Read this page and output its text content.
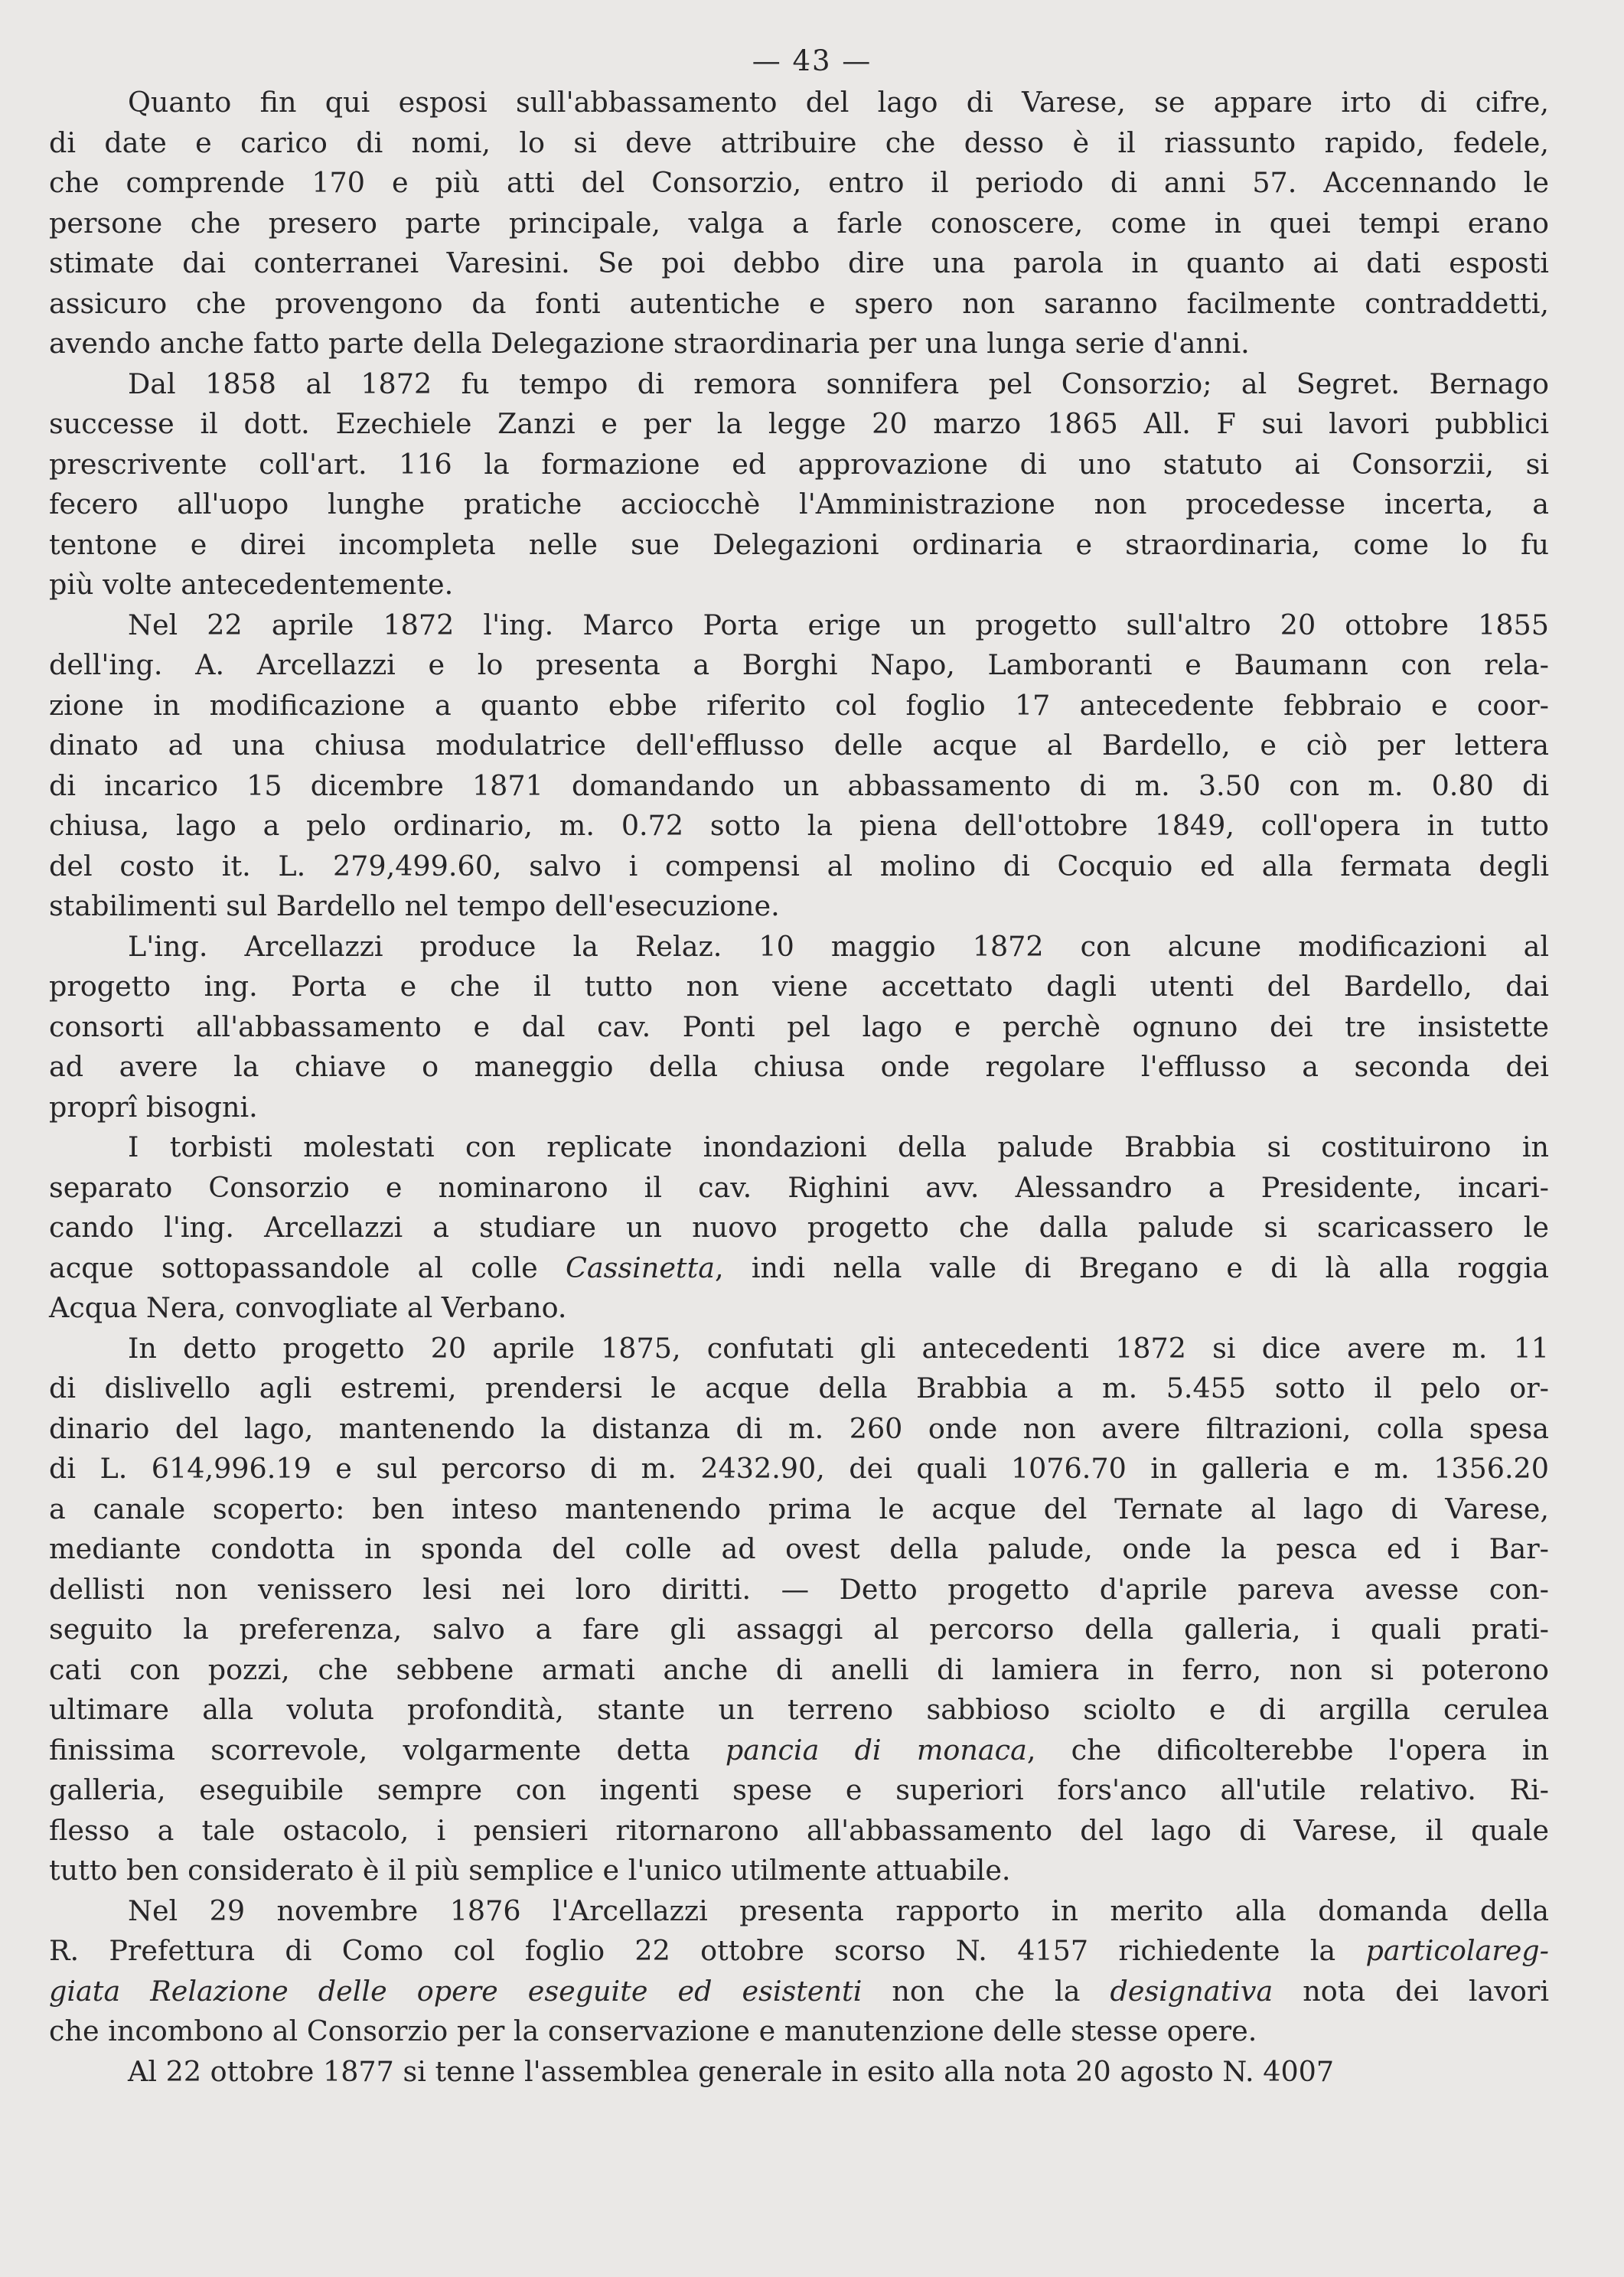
— 43 —
Quanto fin qui esposi sull'abbassamento del lago di Varese, se appare irto di cifre,
di date e carico di nomi, lo si deve attribuire che desso è il riassunto rapido, fedele,
che comprende 170 e più atti del Consorzio, entro il periodo di anni 57. Accennando le
persone che presero parte principale, valga a farle conoscere, come in quei tempi erano
stimate dai conterranei Varesini. Se poi debbo dire una parola in quanto ai dati esposti
assicuro che provengono da fonti autentiche e spero non saranno facilmente contraddetti,
avendo anche fatto parte della Delegazione straordinaria per una lunga serie d'anni.
Dal 1858 al 1872 fu tempo di remora sonnifera pel Consorzio; al Segret. Bernago
successe il dott. Ezechiele Zanzi e per la legge 20 marzo 1865 All. F sui lavori pubblici
prescrivente coll'art. 116 la formazione ed approvazione di uno statuto ai Consorzii, si
fecero all'uopo lunghe pratiche acciocchè l'Amministrazione non procedesse incerta, a
tentone e direi incompleta nelle sue Delegazioni ordinaria e straordinaria, come lo fu
più volte antecedentemente.
Nel 22 aprile 1872 l'ing. Marco Porta erige un progetto sull'altro 20 ottobre 1855
dell'ing. A. Arcellazzi e lo presenta a Borghi Napo, Lamboranti e Baumann con rela-
zione in modificazione a quanto ebbe riferito col foglio 17 antecedente febbraio e coor-
dinato ad una chiusa modulatrice dell'efflusso delle acque al Bardello, e ciò per lettera
di incarico 15 dicembre 1871 domandando un abbassamento di m. 3.50 con m. 0.80 di
chiusa, lago a pelo ordinario, m. 0.72 sotto la piena dell'ottobre 1849, coll'opera in tutto
del costo it. L. 279,499.60, salvo i compensi al molino di Cocquio ed alla fermata degli
stabilimenti sul Bardello nel tempo dell'esecuzione.
L'ing. Arcellazzi produce la Relaz. 10 maggio 1872 con alcune modificazioni al
progetto ing. Porta e che il tutto non viene accettato dagli utenti del Bardello, dai
consorti all'abbassamento e dal cav. Ponti pel lago e perchè ognuno dei tre insistette
ad avere la chiave o maneggio della chiusa onde regolare l'efflusso a seconda dei
proprî bisogni.
I torbisti molestati con replicate inondazioni della palude Brabbia si costituirono in
separato Consorzio e nominarono il cav. Righini avv. Alessandro a Presidente, incari-
cando l'ing. Arcellazzi a studiare un nuovo progetto che dalla palude si scaricassero le
acque sottopassandole al colle Cassinetta, indi nella valle di Bregano e di là alla roggia
Acqua Nera, convogliate al Verbano.
In detto progetto 20 aprile 1875, confutati gli antecedenti 1872 si dice avere m. 11
di dislivello agli estremi, prendersi le acque della Brabbia a m. 5.455 sotto il pelo or-
dinario del lago, mantenendo la distanza di m. 260 onde non avere filtrazioni, colla spesa
di L. 614,996.19 e sul percorso di m. 2432.90, dei quali 1076.70 in galleria e m. 1356.20
a canale scoperto: ben inteso mantenendo prima le acque del Ternate al lago di Varese,
mediante condotta in sponda del colle ad ovest della palude, onde la pesca ed i Bar-
dellisti non venissero lesi nei loro diritti. — Detto progetto d'aprile pareva avesse con-
seguito la preferenza, salvo a fare gli assaggi al percorso della galleria, i quali prati-
cati con pozzi, che sebbene armati anche di anelli di lamiera in ferro, non si poterono
ultimare alla voluta profondità, stante un terreno sabbioso sciolto e di argilla cerulea
finissima scorrevole, volgarmente detta pancia di monaca, che dificolterebbe l'opera in
galleria, eseguibile sempre con ingenti spese e superiori fors'anco all'utile relativo. Ri-
flesso a tale ostacolo, i pensieri ritornarono all'abbassamento del lago di Varese, il quale
tutto ben considerato è il più semplice e l'unico utilmente attuabile.
Nel 29 novembre 1876 l'Arcellazzi presenta rapporto in merito alla domanda della
R. Prefettura di Como col foglio 22 ottobre scorso N. 4157 richiedente la particolareg-
giata Relazione delle opere eseguite ed esistenti non che la designativa nota dei lavori
che incombono al Consorzio per la conservazione e manutenzione delle stesse opere.
Al 22 ottobre 1877 si tenne l'assemblea generale in esito alla nota 20 agosto N. 4007
